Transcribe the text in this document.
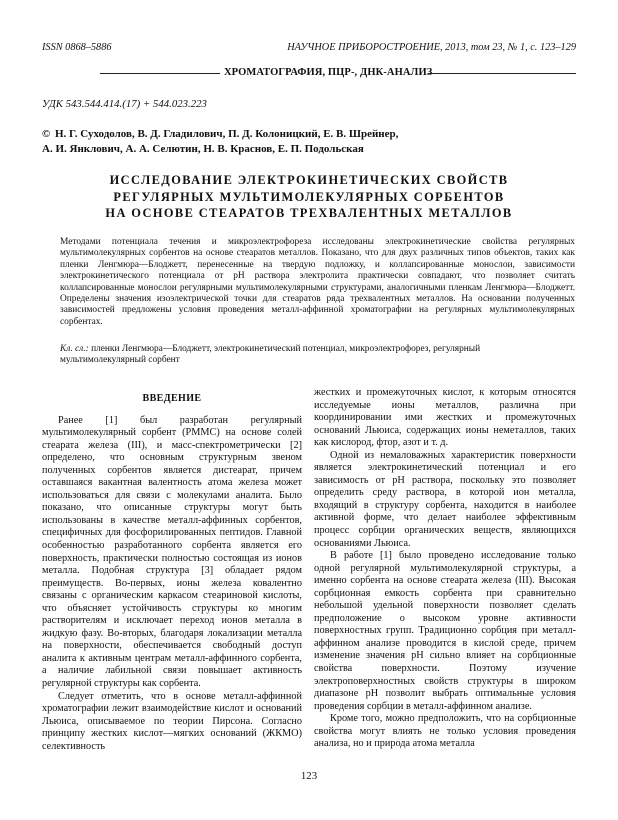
ISSN 0868–5886	НАУЧНОЕ ПРИБОРОСТРОЕНИЕ, 2013, том 23, № 1, c. 123–129
ХРОМАТОГРАФИЯ, ПЦР-, ДНК-АНАЛИЗ
УДК 543.544.414.(17) + 544.023.223
© Н. Г. Суходолов, В. Д. Гладилович, П. Д. Колоницкий, Е. В. Шрейнер,
А. И. Янклович, А. А. Селютин, Н. В. Краснов, Е. П. Подольская
ИССЛЕДОВАНИЕ ЭЛЕКТРОКИНЕТИЧЕСКИХ СВОЙСТВ
РЕГУЛЯРНЫХ МУЛЬТИМОЛЕКУЛЯРНЫХ СОРБЕНТОВ
НА ОСНОВЕ СТЕАРАТОВ ТРЕХВАЛЕНТНЫХ МЕТАЛЛОВ
Методами потенциала течения и микроэлектрофореза исследованы электрокинетические свойства регулярных мультимолекулярных сорбентов на основе стеаратов металлов. Показано, что для двух различных типов объектов, таких как пленки Ленгмюра—Блоджетт, перенесенные на твердую подложку, и коллапсированные монослои, зависимости электрокинетического потенциала от pH раствора электролита практически совпадают, что позволяет считать коллапсированные монослои регулярными мультимолекулярными структурами, аналогичными пленкам Ленгмюра—Блоджетт. Определены значения изоэлектрической точки для стеаратов ряда трехвалентных металлов. На основании полученных зависимостей предложены условия проведения металл-аффинной хроматографии на регулярных мультимолекулярных сорбентах.
Кл. сл.: пленки Ленгмюра—Блоджетт, электрокинетический потенциал, микроэлектрофорез, регулярный мультимолекулярный сорбент

ВВЕДЕНИЕ

Ранее [1] был разработан регулярный мультимолекулярный сорбент (РММС) на основе солей стеарата железа (III), и масс-спектрометрически [2] определено, что основным структурным звеном полученных сорбентов является дистеарат, причем оставшаяся вакантная валентность атома железа может использоваться для связи с молекулами аналита. Было показано, что описанные структуры могут быть использованы в качестве металл-аффинных сорбентов, специфичных для фосфорилированных пептидов. Главной особенностью разработанного сорбента является его поверхность, практически полностью состоящая из ионов металла. Подобная структура [3] обладает рядом преимуществ. Во-первых, ионы железа ковалентно связаны с органическим каркасом стеариновой кислоты, что объясняет устойчивость структуры ко многим растворителям и исключает переход ионов металла в жидкую фазу. Во-вторых, благодаря локализации металла на поверхности, обеспечивается свободный доступ аналита к активным центрам металл-аффинного сорбента, а наличие лабильной связи повышает активность регулярной структуры как сорбента.

Следует отметить, что в основе металл-аффинной хроматографии лежит взаимодействие кислот и оснований Льюиса, описываемое по теории Пирсона. Согласно принципу жестких кислот—мягких оснований (ЖКМО) селективность

жестких и промежуточных кислот, к которым относятся исследуемые ионы металлов, различна при координировании ими жестких и промежуточных оснований Льюиса, содержащих ионы неметаллов, таких как кислород, фтор, азот и т. д.

Одной из немаловажных характеристик поверхности является электрокинетический потенциал и его зависимость от pH раствора, поскольку это позволяет определить среду раствора, в которой ион металла, входящий в структуру сорбента, находится в наиболее активной форме, что делает наиболее эффективным процесс сорбции органических веществ, являющихся основаниями Льюиса.

В работе [1] было проведено исследование только одной регулярной мультимолекулярной структуры, а именно сорбента на основе стеарата железа (III). Высокая сорбционная емкость сорбента при сравнительно небольшой удельной поверхности позволяет сделать предположение о высоком уровне активности поверхностных групп. Традиционно сорбция при металл-аффинном анализе проводится в кислой среде, причем изменение значения pH сильно влияет на сорбционные свойства поверхности. Поэтому изучение электроповерхностных свойств структуры в широком диапазоне pH позволит выбрать оптимальные условия проведения сорбции в металл-аффинном анализе.

Кроме того, можно предположить, что на сорбционные свойства могут влиять не только условия проведения анализа, но и природа атома металла

123
